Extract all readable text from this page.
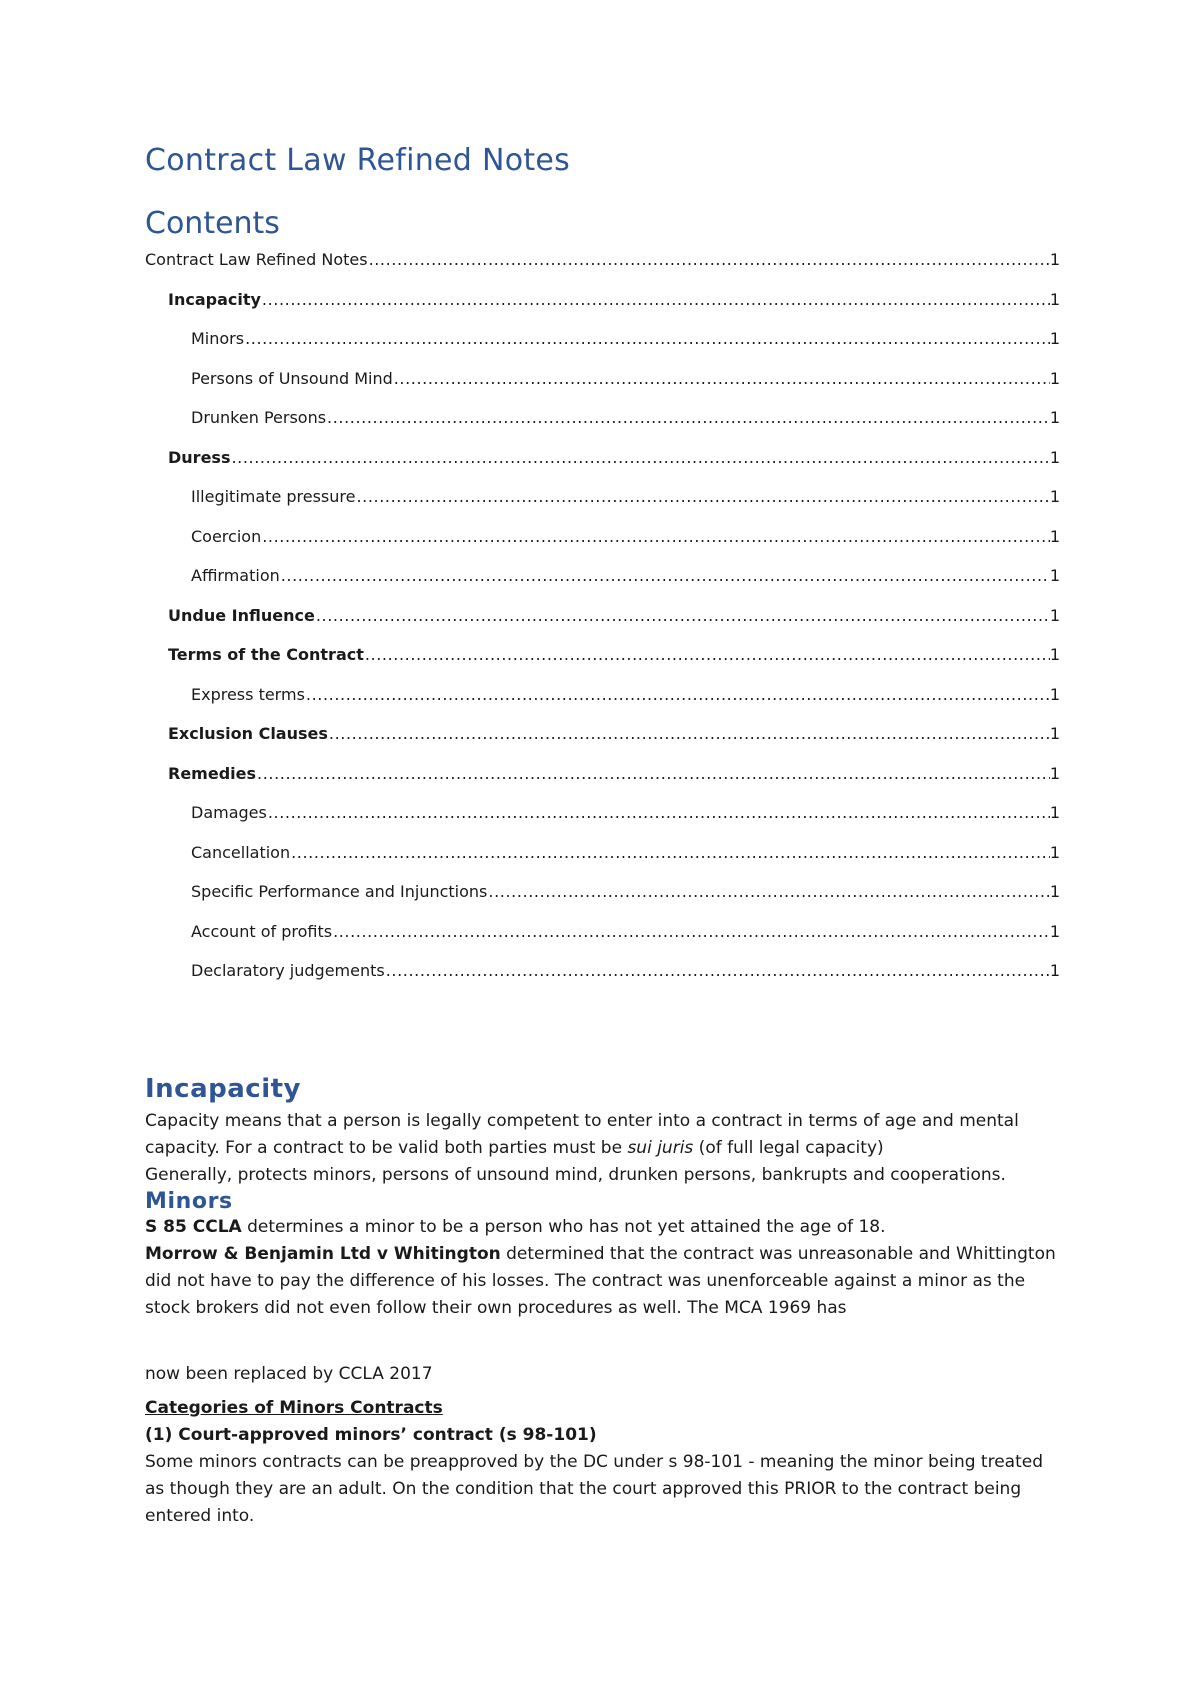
Contract Law Refined Notes
Contents
Contract Law Refined Notes .....	1
Incapacity .....	1
Minors .....	1
Persons of Unsound Mind .....	1
Drunken Persons .....	1
Duress .....	1
Illegitimate pressure .....	1
Coercion .....	1
Affirmation .....	1
Undue Influence .....	1
Terms of the Contract .....	1
Express terms .....	1
Exclusion Clauses .....	1
Remedies .....	1
Damages .....	1
Cancellation .....	1
Specific Performance and Injunctions .....	1
Account of profits .....	1
Declaratory judgements .....	1
Incapacity

Capacity means that a person is legally competent to enter into a contract in terms of age and mental capacity. For a contract to be valid both parties must be sui juris (of full legal capacity)

Generally, protects minors, persons of unsound mind, drunken persons, bankrupts and cooperations.

Minors

S 85 CCLA determines a minor to be a person who has not yet attained the age of 18.

Morrow & Benjamin Ltd v Whitington determined that the contract was unreasonable and Whittington did not have to pay the difference of his losses. The contract was unenforceable against a minor as the stock brokers did not even follow their own procedures as well. The MCA 1969 has

now been replaced by CCLA 2017

Categories of Minors Contracts

(1) Court-approved minors’ contract (s 98-101)

Some minors contracts can be preapproved by the DC under s 98-101 - meaning the minor being treated as though they are an adult. On the condition that the court approved this PRIOR to the contract being entered into.
